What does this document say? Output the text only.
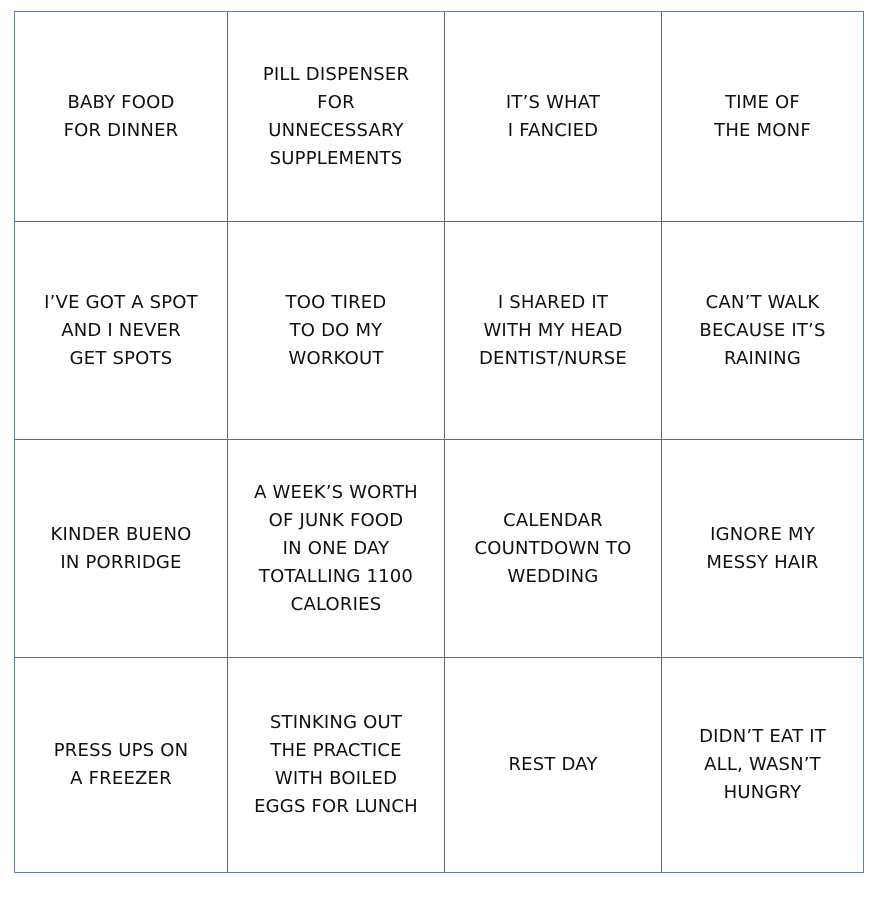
BABY FOOD
FOR DINNER
PILL DISPENSER
FOR
UNNECESSARY
SUPPLEMENTS
IT’S WHAT
I FANCIED
TIME OF
THE MONF
I’VE GOT A SPOT
AND I NEVER
GET SPOTS
TOO TIRED
TO DO MY
WORKOUT
I SHARED IT
WITH MY HEAD
DENTIST/NURSE
CAN’T WALK
BECAUSE IT’S
RAINING
KINDER BUENO
IN PORRIDGE
A WEEK’S WORTH
OF JUNK FOOD
IN ONE DAY
TOTALLING 1100
CALORIES
CALENDAR
COUNTDOWN TO
WEDDING
IGNORE MY
MESSY HAIR
PRESS UPS ON
A FREEZER
STINKING OUT
THE PRACTICE
WITH BOILED
EGGS FOR LUNCH
REST DAY
DIDN’T EAT IT
ALL, WASN’T
HUNGRY
